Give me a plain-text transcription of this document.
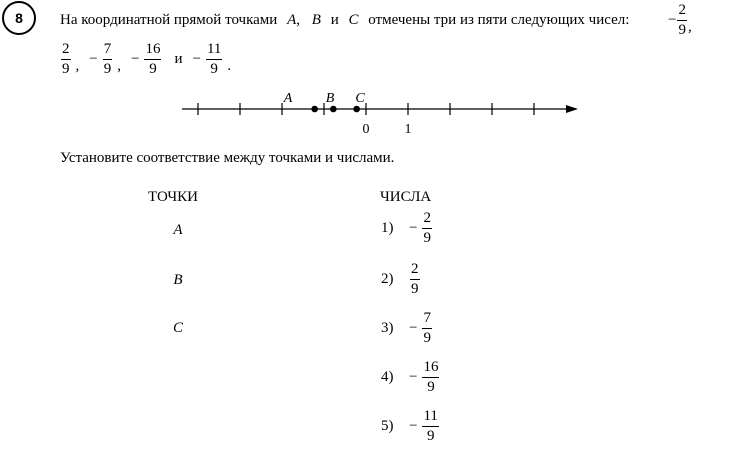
8 На координатной прямой точками A, B и C отмечены три из пяти следующих чисел:	− $\frac{2}{9}$ ,
$\frac{2}{9}$ , − $\frac{7}{9}$ , − $\frac{16}{9}$ $и - \frac{11}{9}$ .
A B C
0	1
Установите соответствие между точками и числами.
ТОЧКИ	ЧИСЛА
A
B
C
1)	− $\frac{2}{9}$
2)	$\frac{2}{9}$
3)	− $\frac{7}{9}$
4)	− $\frac{16}{9}$
5)	− $\frac{11}{9}$
